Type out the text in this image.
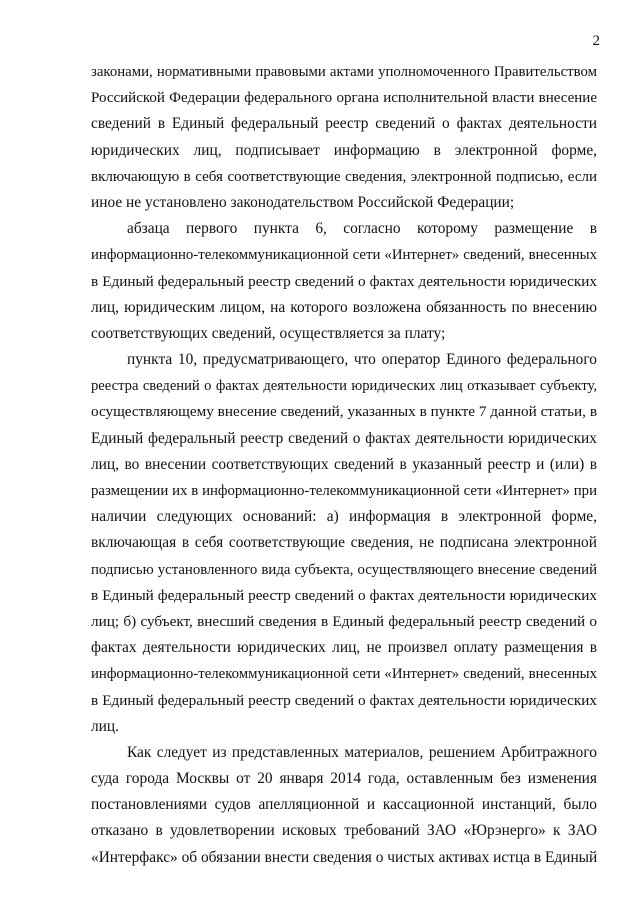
2
законами, нормативными правовыми актами уполномоченного Правительством
Российской Федерации федерального органа исполнительной власти внесение
сведений в Единый федеральный реестр сведений о фактах деятельности
юридических лиц, подписывает информацию в электронной форме,
включающую в себя соответствующие сведения, электронной подписью, если
иное не установлено законодательством Российской Федерации;
абзаца первого пункта 6, согласно которому размещение в
информационно-телекоммуникационной сети «Интернет» сведений, внесенных
в Единый федеральный реестр сведений о фактах деятельности юридических
лиц, юридическим лицом, на которого возложена обязанность по внесению
соответствующих сведений, осуществляется за плату;
пункта 10, предусматривающего, что оператор Единого федерального
реестра сведений о фактах деятельности юридических лиц отказывает субъекту,
осуществляющему внесение сведений, указанных в пункте 7 данной статьи, в
Единый федеральный реестр сведений о фактах деятельности юридических
лиц, во внесении соответствующих сведений в указанный реестр и (или) в
размещении их в информационно-телекоммуникационной сети «Интернет» при
наличии следующих оснований: а) информация в электронной форме,
включающая в себя соответствующие сведения, не подписана электронной
подписью установленного вида субъекта, осуществляющего внесение сведений
в Единый федеральный реестр сведений о фактах деятельности юридических
лиц; б) субъект, внесший сведения в Единый федеральный реестр сведений о
фактах деятельности юридических лиц, не произвел оплату размещения в
информационно-телекоммуникационной сети «Интернет» сведений, внесенных
в Единый федеральный реестр сведений о фактах деятельности юридических
лиц.
Как следует из представленных материалов, решением Арбитражного
суда города Москвы от 20 января 2014 года, оставленным без изменения
постановлениями судов апелляционной и кассационной инстанций, было
отказано в удовлетворении исковых требований ЗАО «Юрэнерго» к ЗАО
«Интерфакс» об обязании внести сведения о чистых активах истца в Единый
